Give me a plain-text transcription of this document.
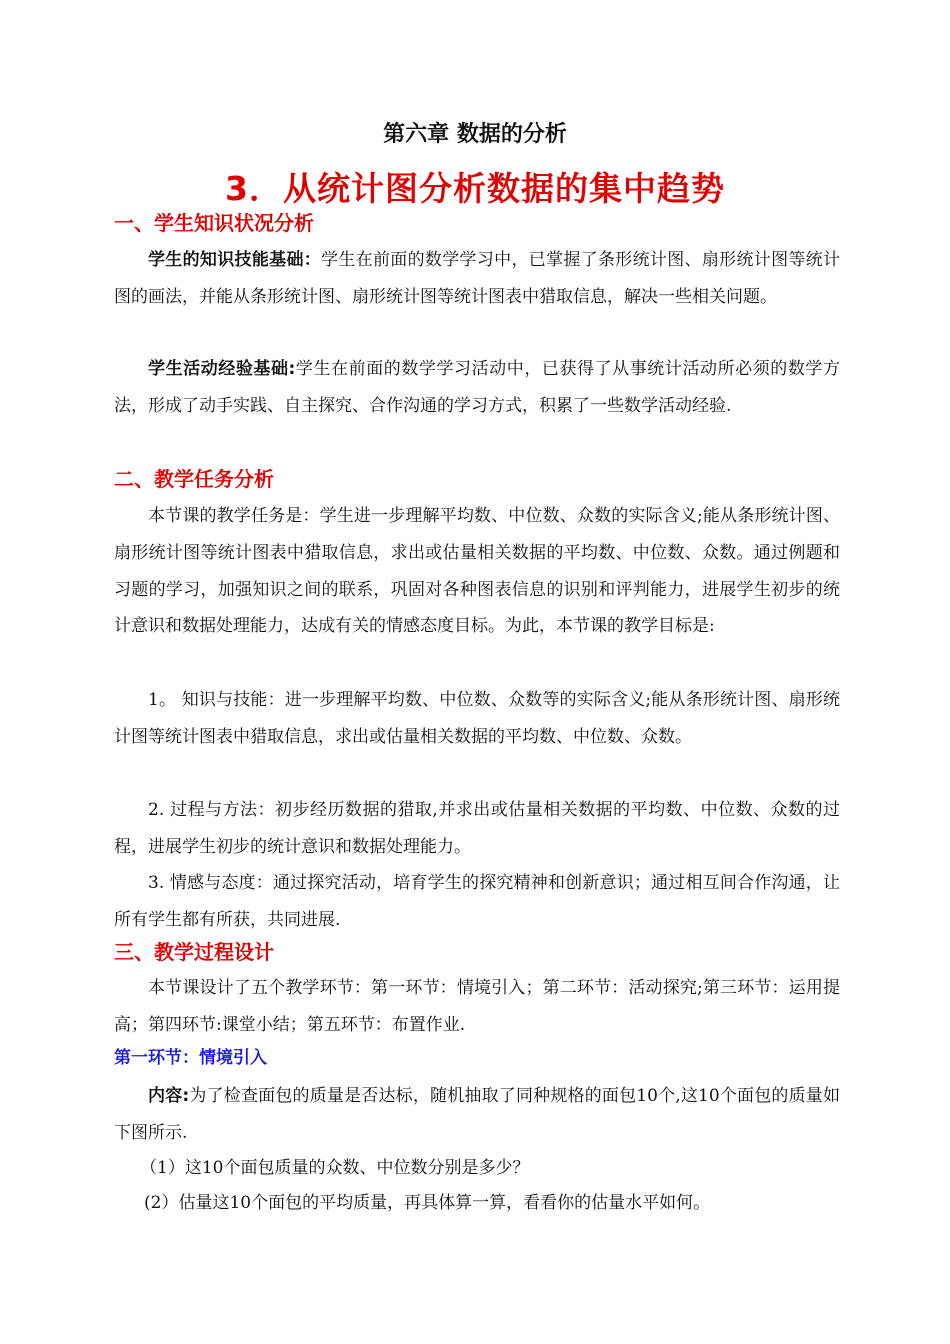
第六章 数据的分析
3．从统计图分析数据的集中趋势
一、学生知识状况分析
学生的知识技能基础：学生在前面的数学学习中，已掌握了条形统计图、扇形统计图等统计图的画法，并能从条形统计图、扇形统计图等统计图表中猎取信息，解决一些相关问题。
学生活动经验基础:学生在前面的数学学习活动中，已获得了从事统计活动所必须的数学方法，形成了动手实践、自主探究、合作沟通的学习方式，积累了一些数学活动经验.
二、教学任务分析
本节课的教学任务是：学生进一步理解平均数、中位数、众数的实际含义;能从条形统计图、扇形统计图等统计图表中猎取信息，求出或估量相关数据的平均数、中位数、众数。通过例题和习题的学习，加强知识之间的联系，巩固对各种图表信息的识别和评判能力，进展学生初步的统计意识和数据处理能力，达成有关的情感态度目标。为此，本节课的教学目标是:
1。 知识与技能：进一步理解平均数、中位数、众数等的实际含义;能从条形统计图、扇形统计图等统计图表中猎取信息，求出或估量相关数据的平均数、中位数、众数。
2. 过程与方法：初步经历数据的猎取,并求出或估量相关数据的平均数、中位数、众数的过程，进展学生初步的统计意识和数据处理能力。
3. 情感与态度：通过探究活动，培育学生的探究精神和创新意识；通过相互间合作沟通，让所有学生都有所获，共同进展.
三、教学过程设计
本节课设计了五个教学环节：第一环节：情境引入；第二环节：活动探究;第三环节：运用提高；第四环节:课堂小结；第五环节：布置作业.
第一环节：情境引入
内容:为了检查面包的质量是否达标，随机抽取了同种规格的面包10个,这10个面包的质量如下图所示.
（1）这10个面包质量的众数、中位数分别是多少？
(2）估量这10个面包的平均质量，再具体算一算，看看你的估量水平如何。
